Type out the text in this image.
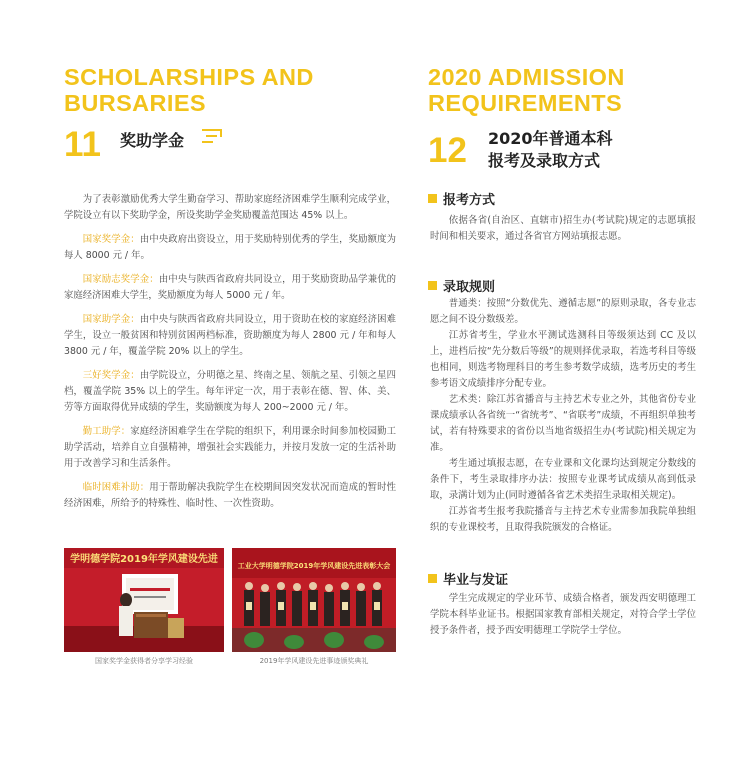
SCHOLARSHIPS AND
BURSARIES
11 奖助学金

为了表彰激励优秀大学生勤奋学习、帮助家庭经济困难学生顺利完成学业，学院设立有以下奖助学金，所设奖助学金奖励覆盖范围达 45% 以上。

国家奖学金：由中央政府出资设立，用于奖励特别优秀的学生，奖励额度为每人 8000 元 / 年。

国家励志奖学金：由中央与陕西省政府共同设立，用于奖励资助品学兼优的家庭经济困难大学生，奖励额度为每人 5000 元 / 年。

国家助学金：由中央与陕西省政府共同设立，用于资助在校的家庭经济困难学生，设立一般贫困和特别贫困两档标准，资助额度为每人 2800 元 / 年和每人 3800 元 / 年，覆盖学院 20% 以上的学生。

三好奖学金：由学院设立，分明德之星、终南之星、领航之星、引领之星四档，覆盖学院 35% 以上的学生。每年评定一次，用于表彰在德、智、体、美、劳等方面取得优异成绩的学生，奖励额度为每人 200~2000 元 / 年。

勤工助学：家庭经济困难学生在学院的组织下，利用课余时间参加校园勤工助学活动，培养自立自强精神，增强社会实践能力，并按月发放一定的生活补助用于改善学习和生活条件。

临时困难补助：用于帮助解决我院学生在校期间因突发状况而造成的暂时性经济困难，所给予的特殊性、临时性、一次性资助。

学明德学院2019年学风建设先进
国家奖学金获得者分享学习经验
工业大学明德学院2019年学风建设先进表彰大会
2019年学风建设先进事迹颁奖典礼
2020 ADMISSION
REQUIREMENTS
12 2020年普通本科
报考及录取方式
报考方式

依据各省(自治区、直辖市)招生办(考试院)规定的志愿填报时间和相关要求，通过各省官方网站填报志愿。

录取规则

普通类：按照“分数优先、遵循志愿”的原则录取，各专业志愿之间不设分数级差。

江苏省考生，学业水平测试选测科目等级须达到 CC 及以上，进档后按“先分数后等级”的规则择优录取，若选考科目等级也相同，则选考物理科目的考生参考数学成绩，选考历史的考生参考语文成绩排序分配专业。

艺术类：除江苏省播音与主持艺术专业之外，其他省份专业课成绩承认各省统一“省统考”、“省联考”成绩，不再组织单独考试，若有特殊要求的省份以当地省级招生办(考试院)相关规定为准。

考生通过填报志愿，在专业课和文化课均达到规定分数线的条件下，考生录取排序办法：按照专业课考试成绩从高到低录取，录满计划为止(同时遵循各省艺术类招生录取相关规定)。

江苏省考生报考我院播音与主持艺术专业需参加我院单独组织的专业课校考，且取得我院颁发的合格证。

毕业与发证

学生完成规定的学业环节、成绩合格者，颁发西安明德理工学院本科毕业证书。根据国家教育部相关规定，对符合学士学位授予条件者，授予西安明德理工学院学士学位。
